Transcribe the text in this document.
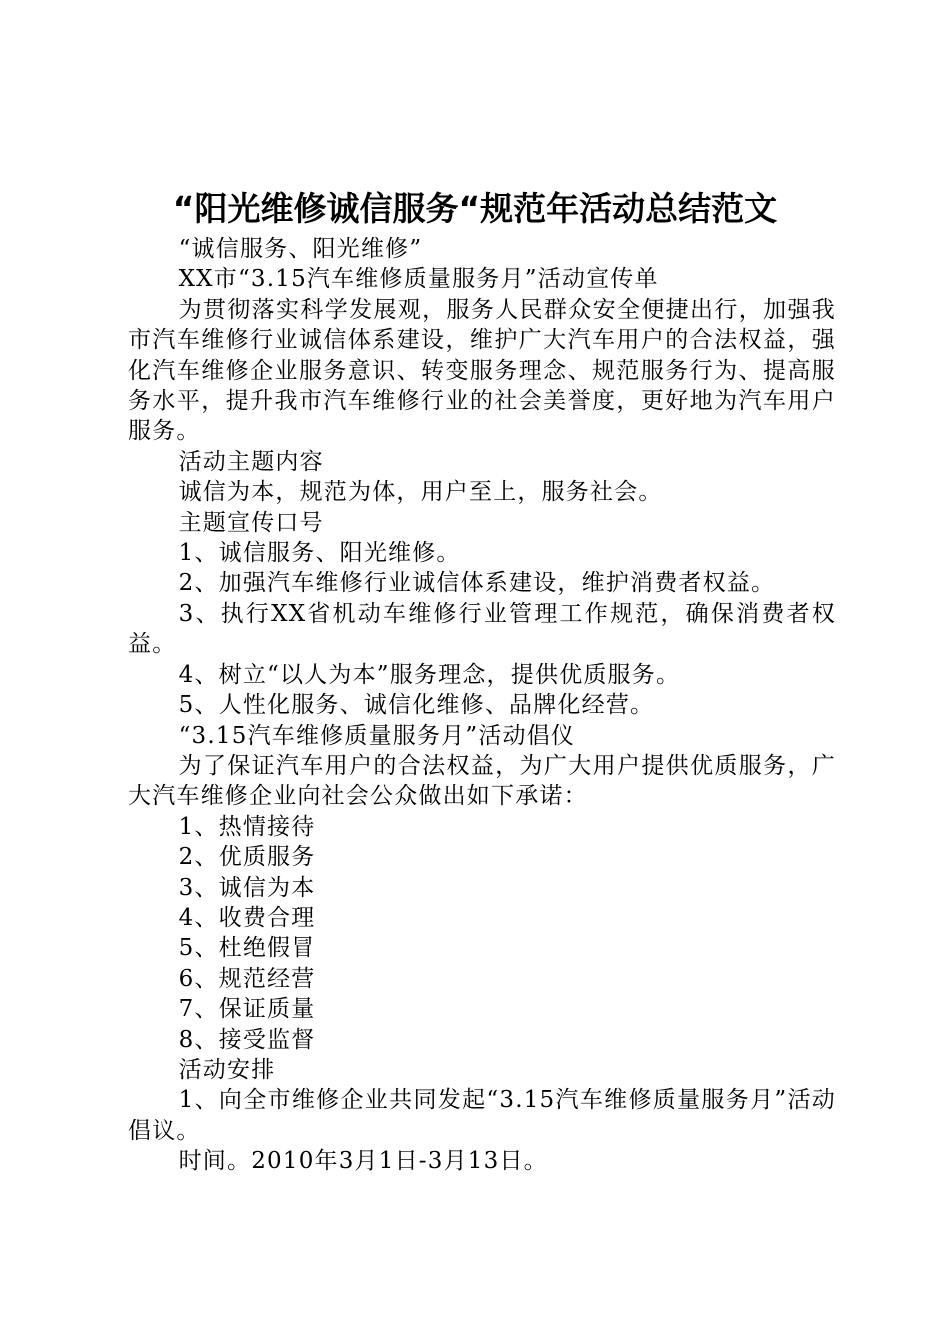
“阳光维修诚信服务“规范年活动总结范文

“诚信服务、阳光维修”

XX市“3.15汽车维修质量服务月”活动宣传单

为贯彻落实科学发展观，服务人民群众安全便捷出行，加强我市汽车维修行业诚信体系建设，维护广大汽车用户的合法权益，强化汽车维修企业服务意识、转变服务理念、规范服务行为、提高服务水平，提升我市汽车维修行业的社会美誉度，更好地为汽车用户服务。

活动主题内容

诚信为本，规范为体，用户至上，服务社会。

主题宣传口号

1、诚信服务、阳光维修。

2、加强汽车维修行业诚信体系建设，维护消费者权益。

3、执行XX省机动车维修行业管理工作规范，确保消费者权益。

4、树立“以人为本”服务理念，提供优质服务。

5、人性化服务、诚信化维修、品牌化经营。

“3.15汽车维修质量服务月”活动倡仪

为了保证汽车用户的合法权益，为广大用户提供优质服务，广大汽车维修企业向社会公众做出如下承诺：

1、热情接待

2、优质服务

3、诚信为本

4、收费合理

5、杜绝假冒

6、规范经营

7、保证质量

8、接受监督

活动安排

1、向全市维修企业共同发起“3.15汽车维修质量服务月”活动倡议。

时间。2010年3月1日-3月13日。
